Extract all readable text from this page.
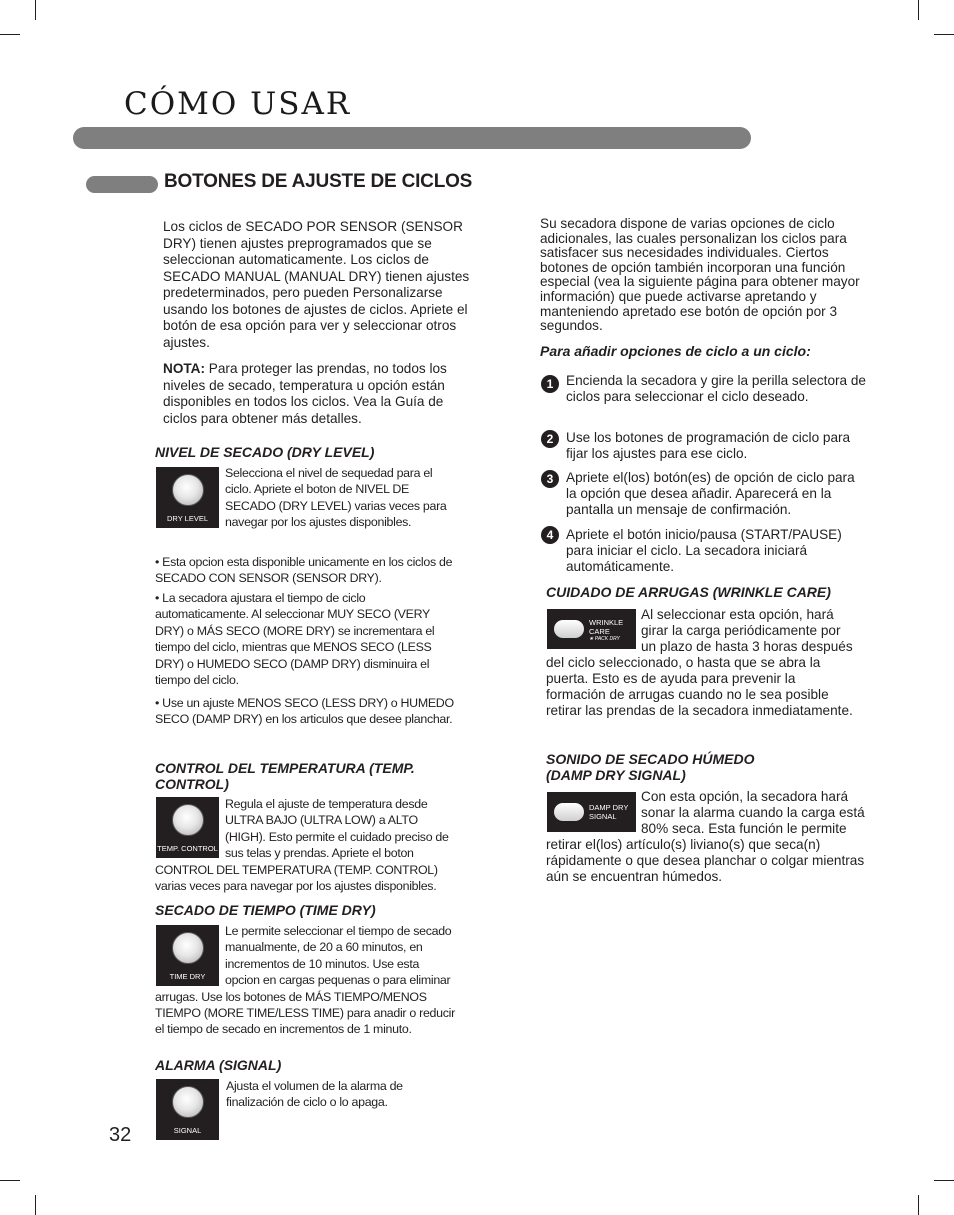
CÓMO USAR
BOTONES DE AJUSTE DE CICLOS

Los ciclos de SECADO POR SENSOR (SENSOR DRY) tienen ajustes preprogramados que se seleccionan automaticamente. Los ciclos de SECADO MANUAL (MANUAL DRY) tienen ajustes predeterminados, pero pueden Personalizarse usando los botones de ajustes de ciclos. Apriete el botón de esa opción para ver y seleccionar otros ajustes.

NOTA: Para proteger las prendas, no todos los niveles de secado, temperatura u opción están disponibles en todos los ciclos. Vea la Guía de ciclos para obtener más detalles.

NIVEL DE SECADO (DRY LEVEL)
DRY LEVEL

Selecciona el nivel de sequedad para el ciclo. Apriete el boton de NIVEL DE SECADO (DRY LEVEL) varias veces para navegar por los ajustes disponibles.

• Esta opcion esta disponible unicamente en los ciclos de SECADO CON SENSOR (SENSOR DRY).

• La secadora ajustara el tiempo de ciclo automaticamente. Al seleccionar MUY SECO (VERY DRY) o MÁS SECO (MORE DRY) se incrementara el tiempo del ciclo, mientras que MENOS SECO (LESS DRY) o HUMEDO SECO (DAMP DRY) disminuira el tiempo del ciclo.

• Use un ajuste MENOS SECO (LESS DRY) o HUMEDO SECO (DAMP DRY) en los articulos que desee planchar.

CONTROL DEL TEMPERATURA (TEMP. CONTROL)
TEMP. CONTROL

Regula el ajuste de temperatura desde ULTRA BAJO (ULTRA LOW) a ALTO (HIGH). Esto permite el cuidado preciso de sus telas y prendas. Apriete el boton CONTROL DEL TEMPERATURA (TEMP. CONTROL) varias veces para navegar por los ajustes disponibles.

SECADO DE TIEMPO (TIME DRY)
TIME DRY

Le permite seleccionar el tiempo de secado manualmente, de 20 a 60 minutos, en incrementos de 10 minutos. Use esta opcion en cargas pequenas o para eliminar arrugas. Use los botones de MÁS TIEMPO/MENOS TIEMPO (MORE TIME/LESS TIME) para anadir o reducir el tiempo de secado en incrementos de 1 minuto.

ALARMA (SIGNAL)
SIGNAL

Ajusta el volumen de la alarma de finalización de ciclo o lo apaga.

Su secadora dispone de varias opciones de ciclo adicionales, las cuales personalizan los ciclos para satisfacer sus necesidades individuales. Ciertos botones de opción también incorporan una función especial (vea la siguiente página para obtener mayor información) que puede activarse apretando y manteniendo apretado ese botón de opción por 3 segundos.

Para añadir opciones de ciclo a un ciclo:
1 Encienda la secadora y gire la perilla selectora de ciclos para seleccionar el ciclo deseado.

2 Use los botones de programación de ciclo para fijar los ajustes para ese ciclo.

3 Apriete el(los) botón(es) de opción de ciclo para la opción que desea añadir. Aparecerá en la pantalla un mensaje de confirmación.

4 Apriete el botón inicio/pausa (START/PAUSE) para iniciar el ciclo. La secadora iniciará automáticamente.

CUIDADO DE ARRUGAS (WRINKLE CARE)
WRINKLE
CARE
★ PACK DRY

Al seleccionar esta opción, hará girar la carga periódicamente por un plazo de hasta 3 horas después del ciclo seleccionado, o hasta que se abra la puerta. Esto es de ayuda para prevenir la formación de arrugas cuando no le sea posible retirar las prendas de la secadora inmediatamente.

SONIDO DE SECADO HÚMEDO
(DAMP DRY SIGNAL)
DAMP DRY
SIGNAL

Con esta opción, la secadora hará sonar la alarma cuando la carga está 80% seca. Esta función le permite retirar el(los) artículo(s) liviano(s) que seca(n) rápidamente o que desea planchar o colgar mientras aún se encuentran húmedos.

32
